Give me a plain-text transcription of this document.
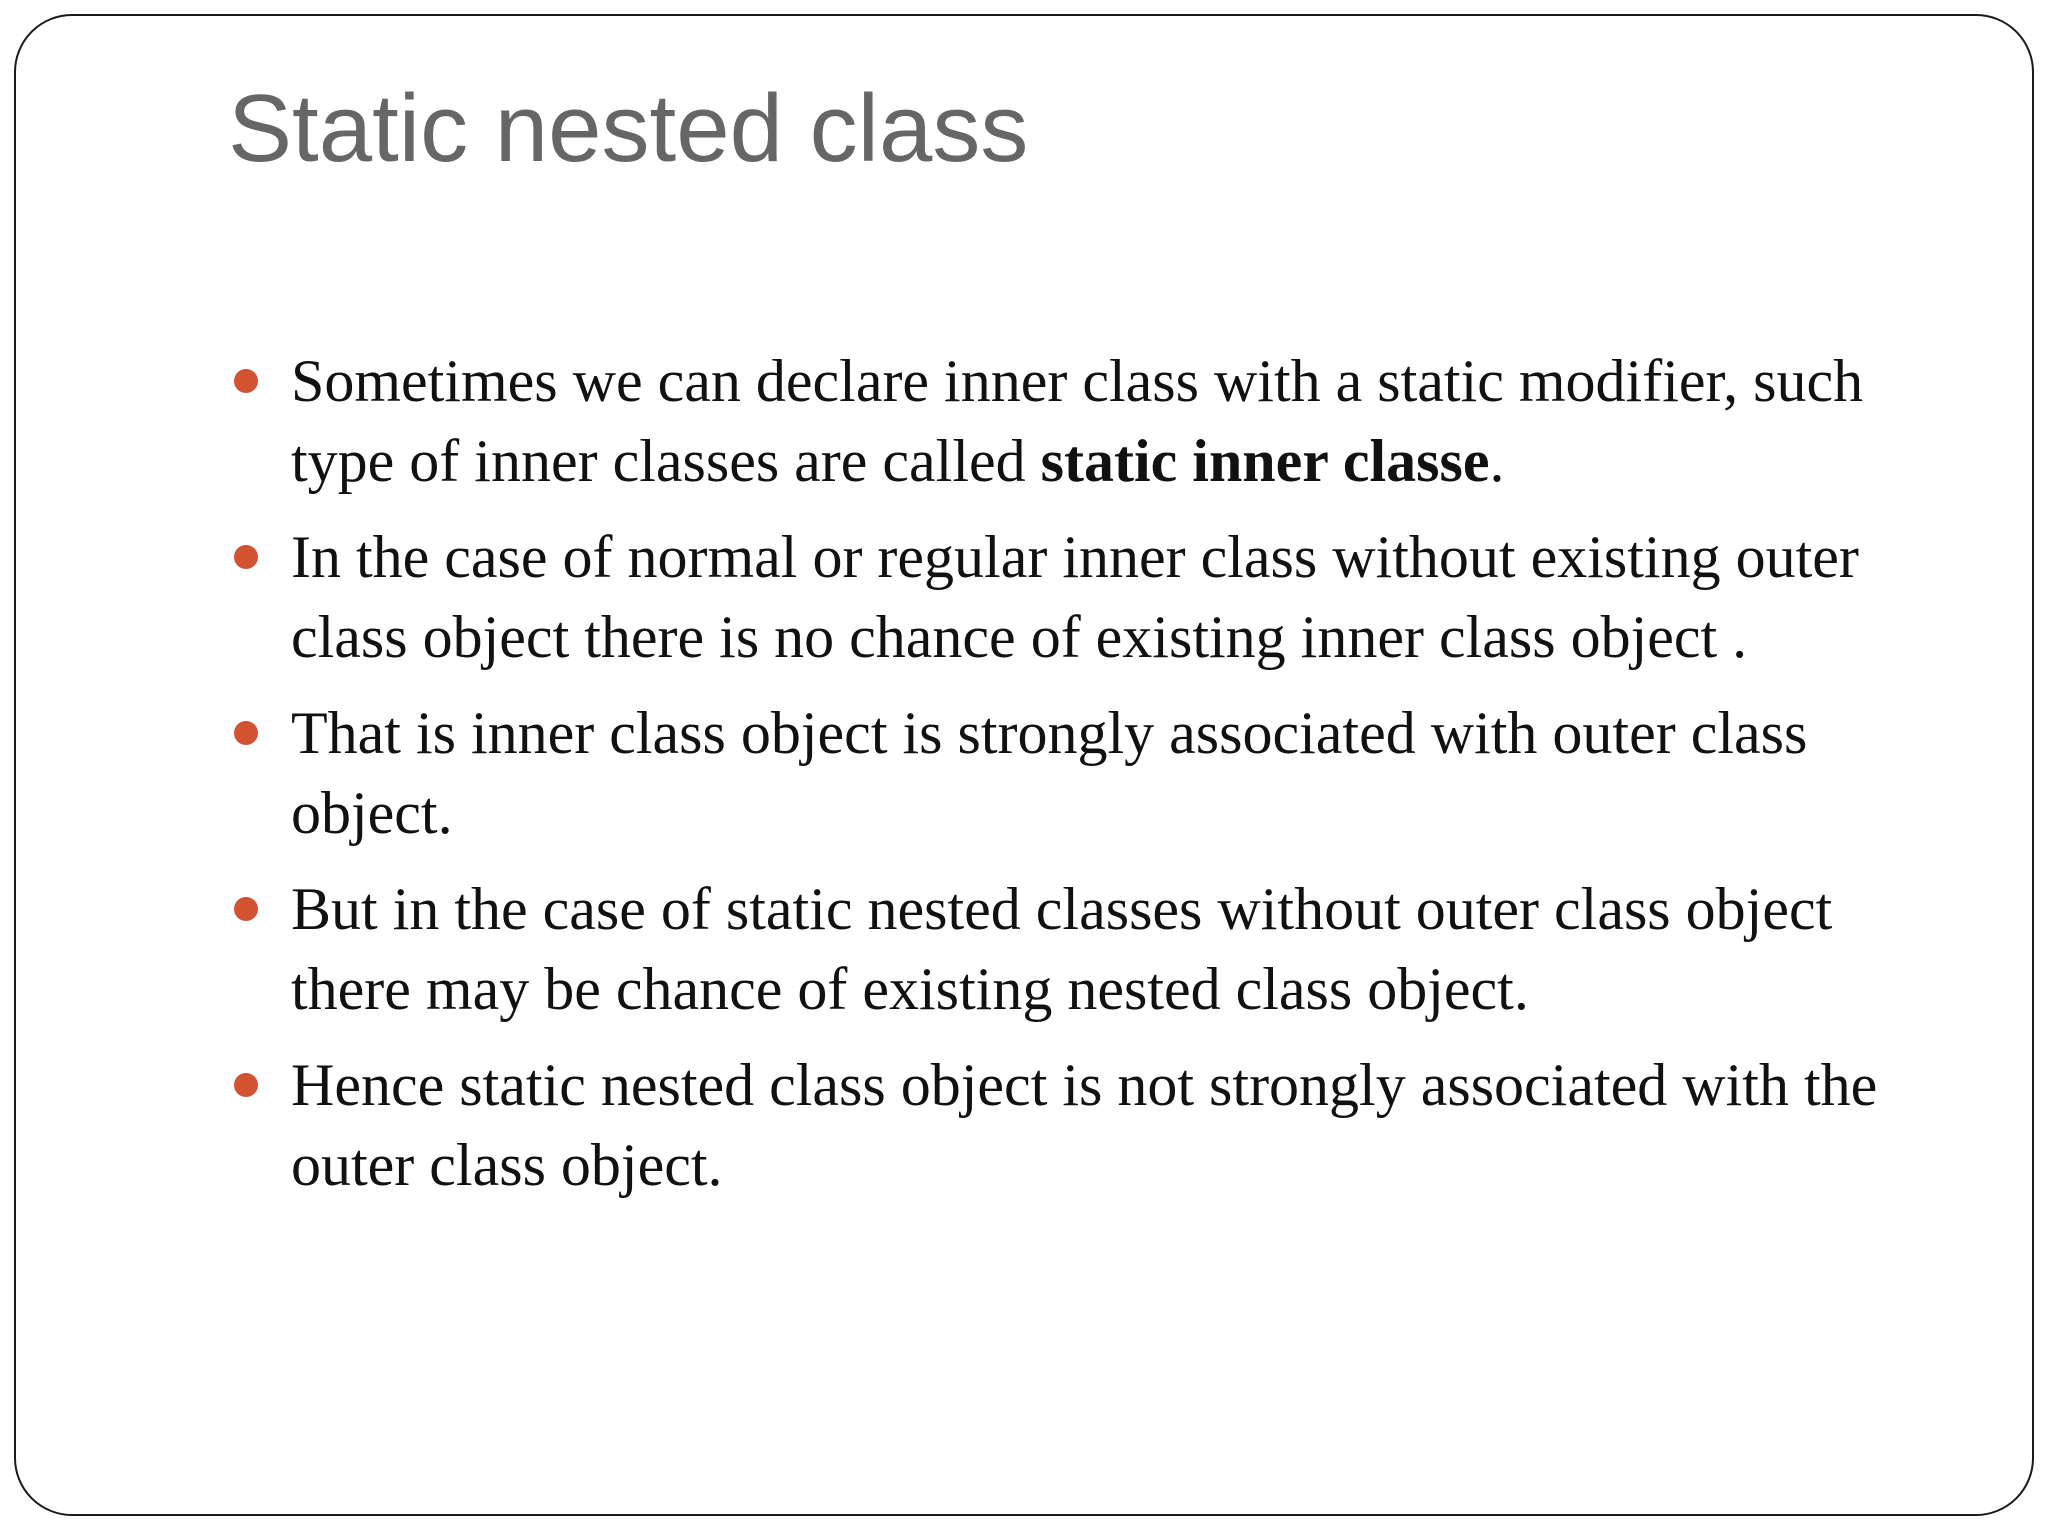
Static nested class
Sometimes we can declare inner class with a static modifier, such type of inner classes are called static inner classe.
In the case of normal or regular inner class without existing outer class object there is no chance of existing inner class object .
That is inner class object is strongly associated with outer class object.
But in the case of static nested classes without outer class object there may be chance of existing nested class object.
Hence static nested class object is not strongly associated with the outer class object.
